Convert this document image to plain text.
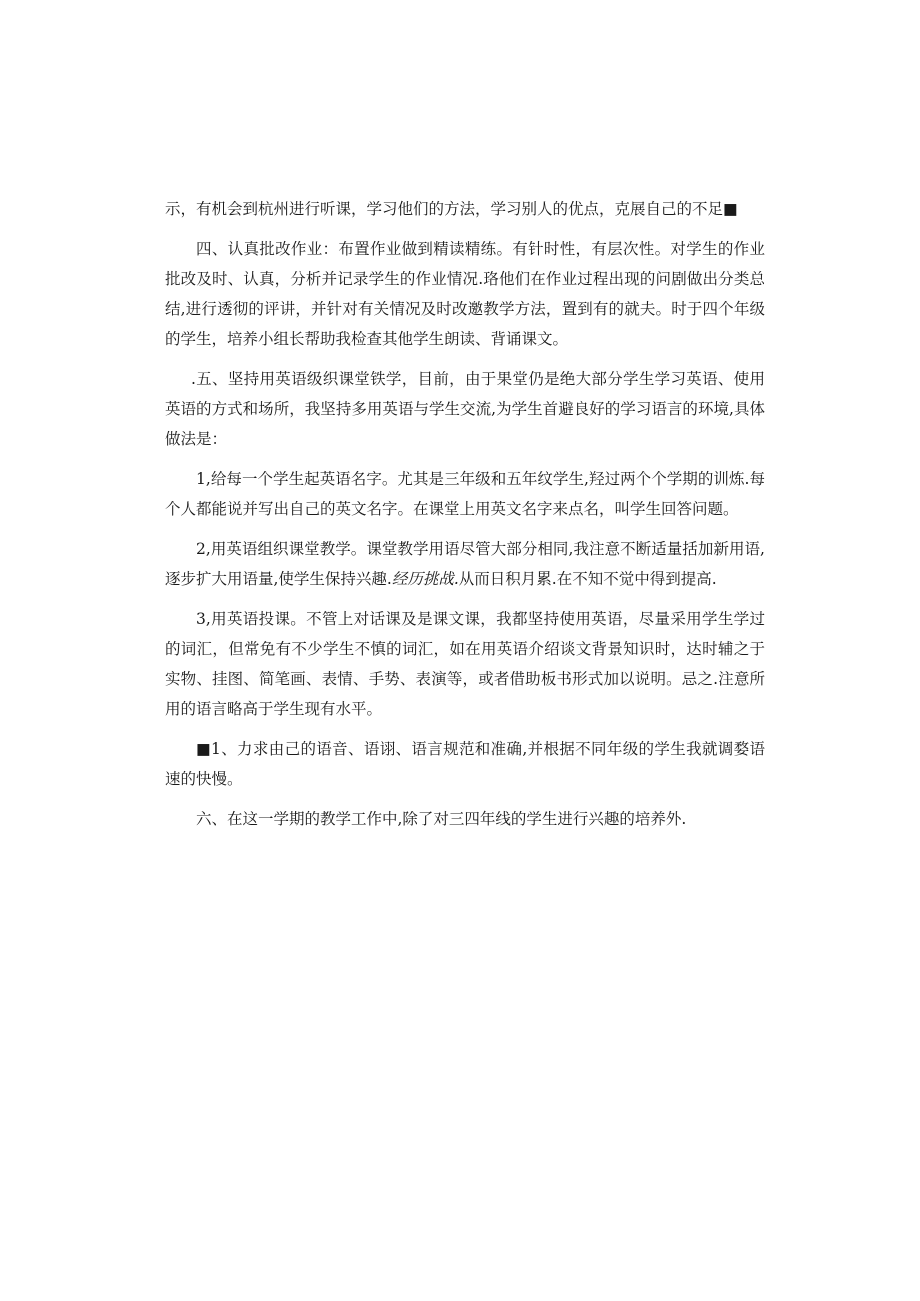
示，有机会到杭州进行听课，学习他们的方法，学习别人的优点，克展自己的不足■

四、认真批改作业：布置作业做到精读精练。有针时性，有层次性。对学生的作业批改及时、认真，分析并记录学生的作业情况.珞他们在作业过程出现的问剧做出分类总结,进行透彻的评讲，并针对有关情况及时改邀教学方法，置到有的就夫。时于四个年级的学生，培养小组长帮助我检查其他学生朗读、背诵课文。

.五、坚持用英语级织课堂铁学，目前，由于果堂仍是绝大部分学生学习英语、使用英语的方式和场所，我坚持多用英语与学生交流,为学生首避良好的学习语言的环境,具体做法是：

1,给每一个学生起英语名字。尤其是三年级和五年纹学生,羟过两个个学期的训炼.每个人都能说并写出自己的英文名字。在课堂上用英文名字来点名，叫学生回答问题。

2,用英语组织课堂教学。课堂教学用语尽管大部分相同,我注意不断适量括加新用语,逐步扩大用语量,使学生保持兴趣.经历挑战.从而日积月累.在不知不觉中得到提高.

3,用英语投课。不管上对话课及是课文课，我都坚持使用英语，尽量采用学生学过的词汇，但常免有不少学生不慎的词汇，如在用英语介绍谈文背景知识时，达时辅之于实物、挂图、简笔画、表情、手势、表演等，或者借助板书形式加以说明。忌之.注意所用的语言略高于学生现有水平。

■1、力求由己的语音、语诩、语言规范和准确,并根据不同年级的学生我就调婺语速的快慢。

六、在这一学期的教学工作中,除了对三四年线的学生进行兴趣的培养外.
